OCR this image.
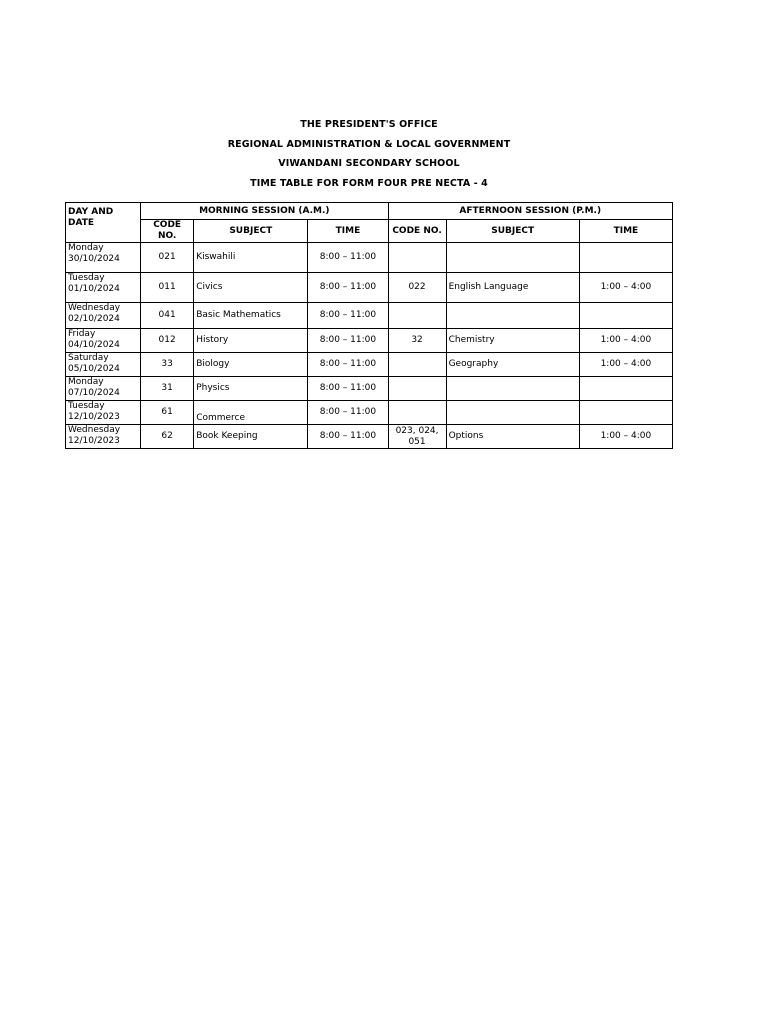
THE PRESIDENT'S OFFICE
REGIONAL ADMINISTRATION & LOCAL GOVERNMENT
VIWANDANI SECONDARY SCHOOL
TIME TABLE FOR FORM FOUR PRE NECTA - 4
DAY AND DATE	MORNING SESSION (A.M.)			AFTERNOON SESSION (P.M.)		
	CODE NO.	SUBJECT	TIME	CODE NO.	SUBJECT	TIME
Monday
30/10/2024	021	Kiswahili	8:00 – 11:00			
Tuesday
01/10/2024	011	Civics	8:00 – 11:00	022	English Language	1:00 – 4:00
Wednesday
02/10/2024	041	Basic Mathematics	8:00 – 11:00			
Friday
04/10/2024	012	History	8:00 – 11:00	32	Chemistry	1:00 – 4:00
Saturday
05/10/2024	33	Biology	8:00 – 11:00		Geography	1:00 – 4:00
Monday
07/10/2024	31	Physics	8:00 – 11:00			
Tuesday
12/10/2023	61	Commerce	8:00 – 11:00			
Wednesday
12/10/2023	62	Book Keeping	8:00 – 11:00	023, 024, 051	Options	1:00 – 4:00
